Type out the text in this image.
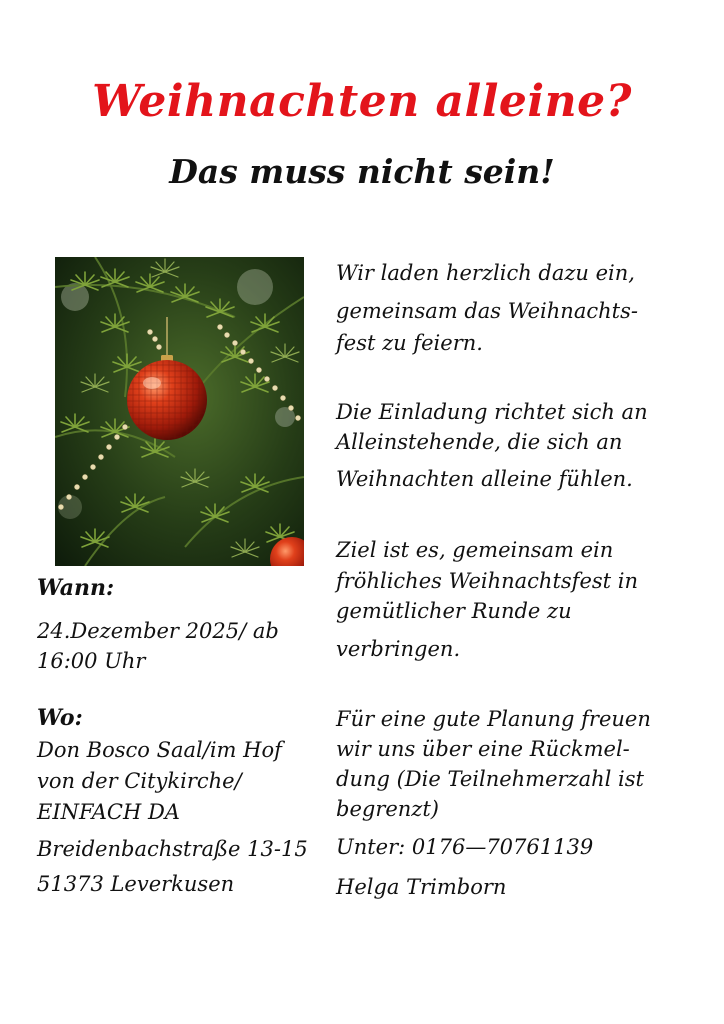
Weihnachten alleine?
Das muss nicht sein!
Wann:
24.Dezember 2025/ ab
16:00 Uhr
Wo:
Don Bosco Saal/im Hof
von der Citykirche/
EINFACH DA
Breidenbachstraße 13-15
51373 Leverkusen
Wir laden herzlich dazu ein,
gemeinsam das Weihnachts-
fest zu feiern.
Die Einladung richtet sich an
Alleinstehende, die sich an
Weihnachten alleine fühlen.
Ziel ist es, gemeinsam ein
fröhliches Weihnachtsfest in
gemütlicher Runde zu
verbringen.
Für eine gute Planung freuen
wir uns über eine Rückmel-
dung (Die Teilnehmerzahl ist
begrenzt)
Unter: 0176—70761139
Helga Trimborn
